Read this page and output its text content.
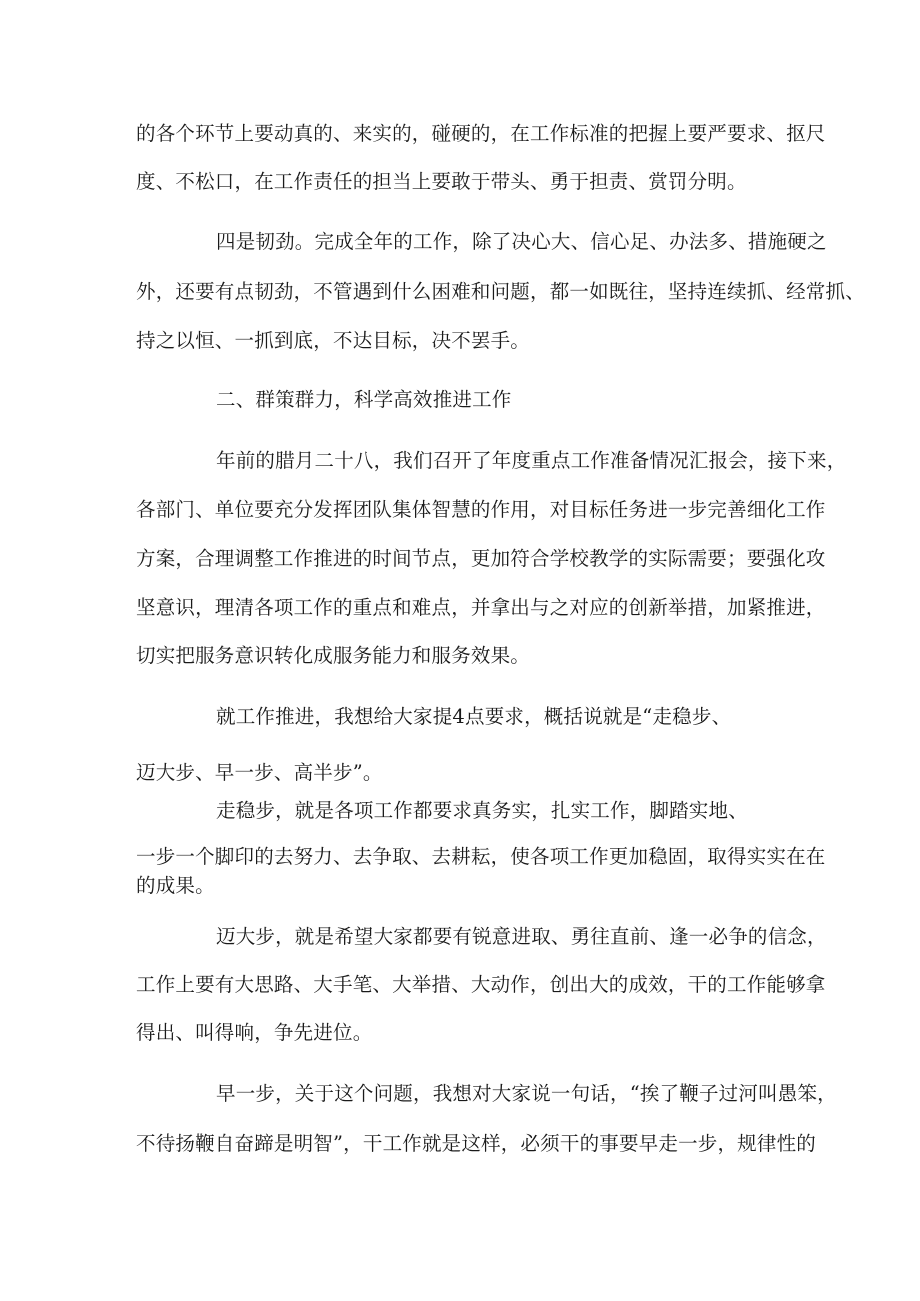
的各个环节上要动真的、来实的，碰硬的，在工作标准的把握上要严要求、抠尺
度、不松口，在工作责任的担当上要敢于带头、勇于担责、赏罚分明。
四是韧劲。完成全年的工作，除了决心大、信心足、办法多、措施硬之
外，还要有点韧劲，不管遇到什么困难和问题，都一如既往，坚持连续抓、经常抓、
持之以恒、一抓到底，不达目标，决不罢手。
二、群策群力，科学高效推进工作
年前的腊月二十八，我们召开了年度重点工作准备情况汇报会，接下来，
各部门、单位要充分发挥团队集体智慧的作用，对目标任务进一步完善细化工作
方案，合理调整工作推进的时间节点，更加符合学校教学的实际需要；要强化攻
坚意识，理清各项工作的重点和难点，并拿出与之对应的创新举措，加紧推进，
切实把服务意识转化成服务能力和服务效果。
就工作推进，我想给大家提4点要求，概括说就是“走稳步、
迈大步、早一步、高半步”。
走稳步，就是各项工作都要求真务实，扎实工作，脚踏实地、
一步一个脚印的去努力、去争取、去耕耘，使各项工作更加稳固，取得实实在在
的成果。
迈大步，就是希望大家都要有锐意进取、勇往直前、逢一必争的信念，
工作上要有大思路、大手笔、大举措、大动作，创出大的成效，干的工作能够拿
得出、叫得响，争先进位。
早一步，关于这个问题，我想对大家说一句话，“挨了鞭子过河叫愚笨，
不待扬鞭自奋蹄是明智”，干工作就是这样，必须干的事要早走一步，规律性的
